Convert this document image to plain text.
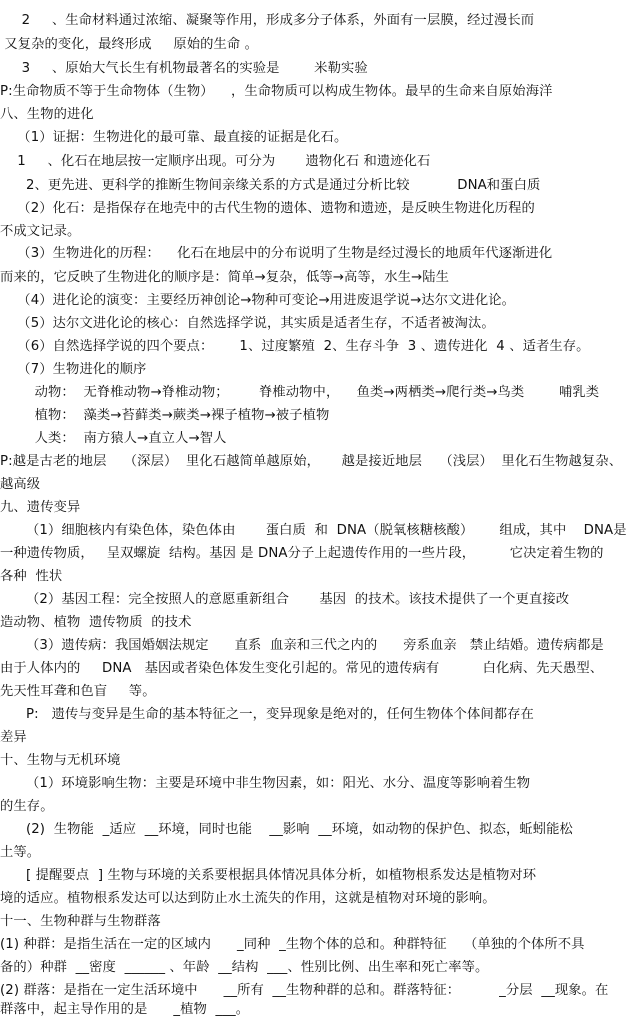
2     、生命材料通过浓缩、凝聚等作用，形成多分子体系，外面有一层膜，经过漫长而

又复杂的变化，最终形成     原始的生命 。

3     、原始大气长生有机物最著名的实验是        米勒实验

P:生命物质不等于生命物体（生物）    ，生命物质可以构成生物体。最早的生命来自原始海洋

八、生物的进化

（1）证据：生物进化的最可靠、最直接的证据是化石。

1     、化石在地层按一定顺序出现。可分为       遗物化石 和遗迹化石

2、更先进、更科学的推断生物间亲缘关系的方式是通过分析比较           DNA和蛋白质

（2）化石：是指保存在地壳中的古代生物的遗体、遗物和遗迹，是反映生物进化历程的

不成文记录。

（3）生物进化的历程：    化石在地层中的分布说明了生物是经过漫长的地质年代逐渐进化

而来的，它反映了生物进化的顺序是：简单→复杂，低等→高等，水生→陆生

（4）进化论的演变：主要经历神创论→物种可变论→用进废退学说→达尔文进化论。

（5）达尔文进化论的核心：自然选择学说，其实质是适者生存，不适者被淘汰。

（6）自然选择学说的四个要点：      1、过度繁殖  2、生存斗争  3 、遗传进化  4 、适者生存。

（7）生物进化的顺序

动物：  无脊椎动物→脊椎动物；       脊椎动物中，    鱼类→两栖类→爬行类→鸟类        哺乳类

植物：  藻类→苔藓类→蕨类→裸子植物→被子植物

人类：  南方猿人→直立人→智人

P:越是古老的地层    （深层）  里化石越简单越原始，     越是接近地层    （浅层）  里化石生物越复杂、

越高级

九、遗传变异

（1）细胞核内有染色体，染色体由       蛋白质  和  DNA（脱氧核糖核酸）      组成，其中    DNA是

一种遗传物质，   呈双螺旋  结构。基因 是 DNA分子上起遗传作用的一些片段，        它决定着生物的

各种  性状

（2）基因工程：完全按照人的意愿重新组合       基因  的技术。该技术提供了一个更直接改

造动物、植物  遗传物质  的技术

（3）遗传病：我国婚姻法规定      直系  血亲和三代之内的      旁系血亲   禁止结婚。遗传病都是

由于人体内的     DNA   基因或者染色体发生变化引起的。常见的遗传病有          白化病、先天愚型、

先天性耳聋和色盲     等。

P:   遗传与变异是生命的基本特征之一，变异现象是绝对的，任何生物体个体间都存在

差异

十、生物与无机环境

（1）环境影响生物：主要是环境中非生物因素，如：阳光、水分、温度等影响着生物

的生存。

(2)  生物能  _适应  __环境，同时也能    __影响  __环境，如动物的保护色、拟态，蚯蚓能松

土等。

[ 提醒要点  ] 生物与环境的关系要根据具体情况具体分析，如植物根系发达是植物对环

境的适应。植物根系发达可以达到防止水土流失的作用，这就是植物对环境的影响。

十一、生物种群与生物群落

(1) 种群：是指生活在一定的区域内      _同种  _生物个体的总和。种群特征    （单独的个体所不具

备的）种群  __密度  ______ 、年龄  __结构  ___、性别比例、出生率和死亡率等。

(2) 群落：是指在一定生活环境中      __所有  __生物种群的总和。群落特征：         _分层  __现象。在

群落中，起主导作用的是      _植物  ___。
